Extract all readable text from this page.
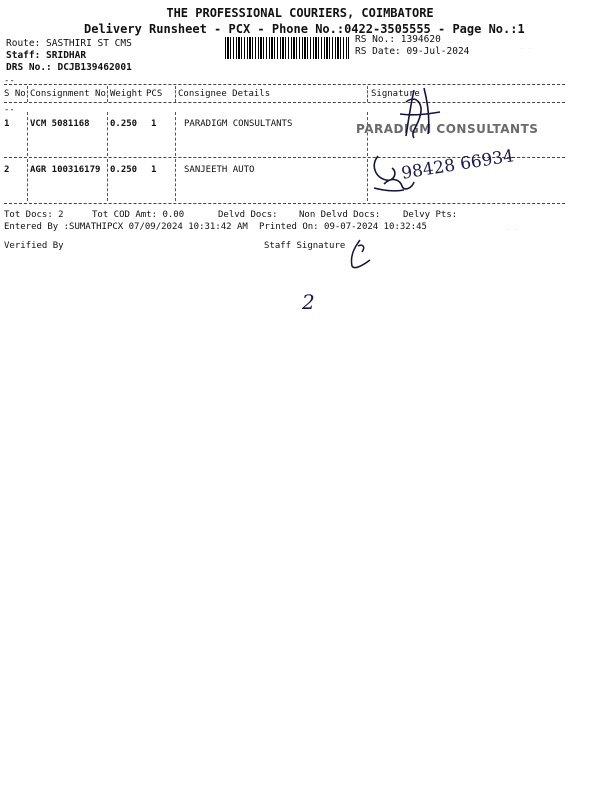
— — —
— —
— —
THE PROFESSIONAL COURIERS, COIMBATORE
Delivery Runsheet - PCX - Phone No.:0422-3505555 - Page No.:1
Route: SASTHIRI ST CMS
Staff: SRIDHAR
DRS No.: DCJB139462001
RS No.: 1394620
RS Date: 09-Jul-2024
--
S No Consignment No Weight PCS Consignee Details	Signature
--
1 VCM 5081168 0.250 1	PARADIGM CONSULTANTS
2 AGR 100316179 0.250 1	SANJEETH AUTO
PARADIGM CONSULTANTS
98428 66934
Tot Docs: 2	Tot COD Amt: 0.00	Delvd Docs: Non Delvd Docs:	Delvy Pts:
Entered By :SUMATHIPCX 07/09/2024 10:31:42 AM Printed On: 09-07-2024 10:32:45
Verified By	Staff Signature
2
